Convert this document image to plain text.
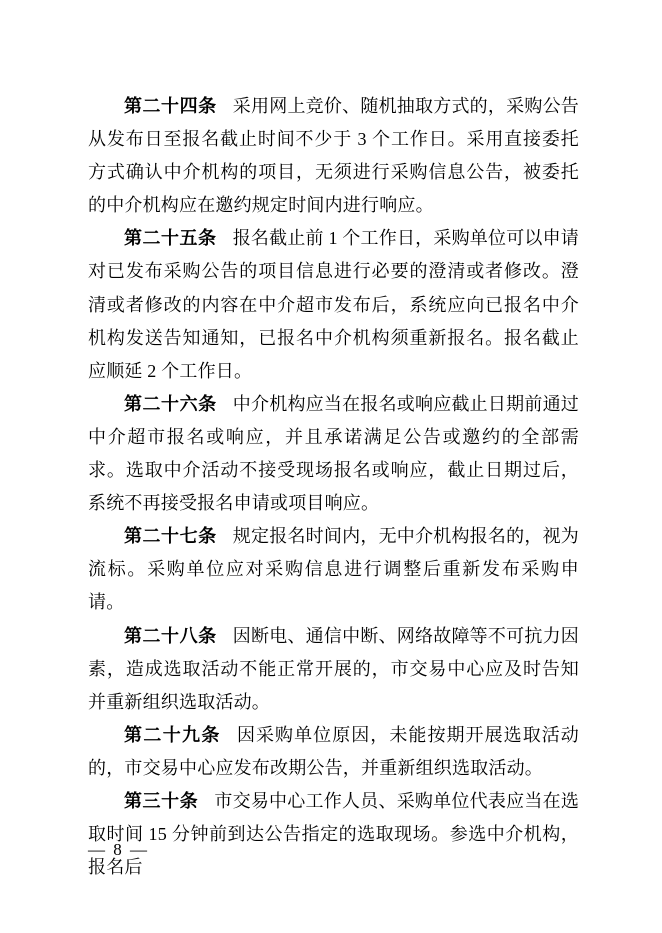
第二十四条 采用网上竞价、随机抽取方式的，采购公告从发布日至报名截止时间不少于 3 个工作日。采用直接委托方式确认中介机构的项目，无须进行采购信息公告，被委托的中介机构应在邀约规定时间内进行响应。

第二十五条 报名截止前 1 个工作日，采购单位可以申请对已发布采购公告的项目信息进行必要的澄清或者修改。澄清或者修改的内容在中介超市发布后，系统应向已报名中介机构发送告知通知，已报名中介机构须重新报名。报名截止应顺延 2 个工作日。

第二十六条 中介机构应当在报名或响应截止日期前通过中介超市报名或响应，并且承诺满足公告或邀约的全部需求。选取中介活动不接受现场报名或响应，截止日期过后，系统不再接受报名申请或项目响应。

第二十七条 规定报名时间内，无中介机构报名的，视为流标。采购单位应对采购信息进行调整后重新发布采购申请。

第二十八条 因断电、通信中断、网络故障等不可抗力因素，造成选取活动不能正常开展的，市交易中心应及时告知并重新组织选取活动。

第二十九条 因采购单位原因，未能按期开展选取活动的，市交易中心应发布改期公告，并重新组织选取活动。

第三十条 市交易中心工作人员、采购单位代表应当在选取时间 15 分钟前到达公告指定的选取现场。参选中介机构，报名后

— 8 —
